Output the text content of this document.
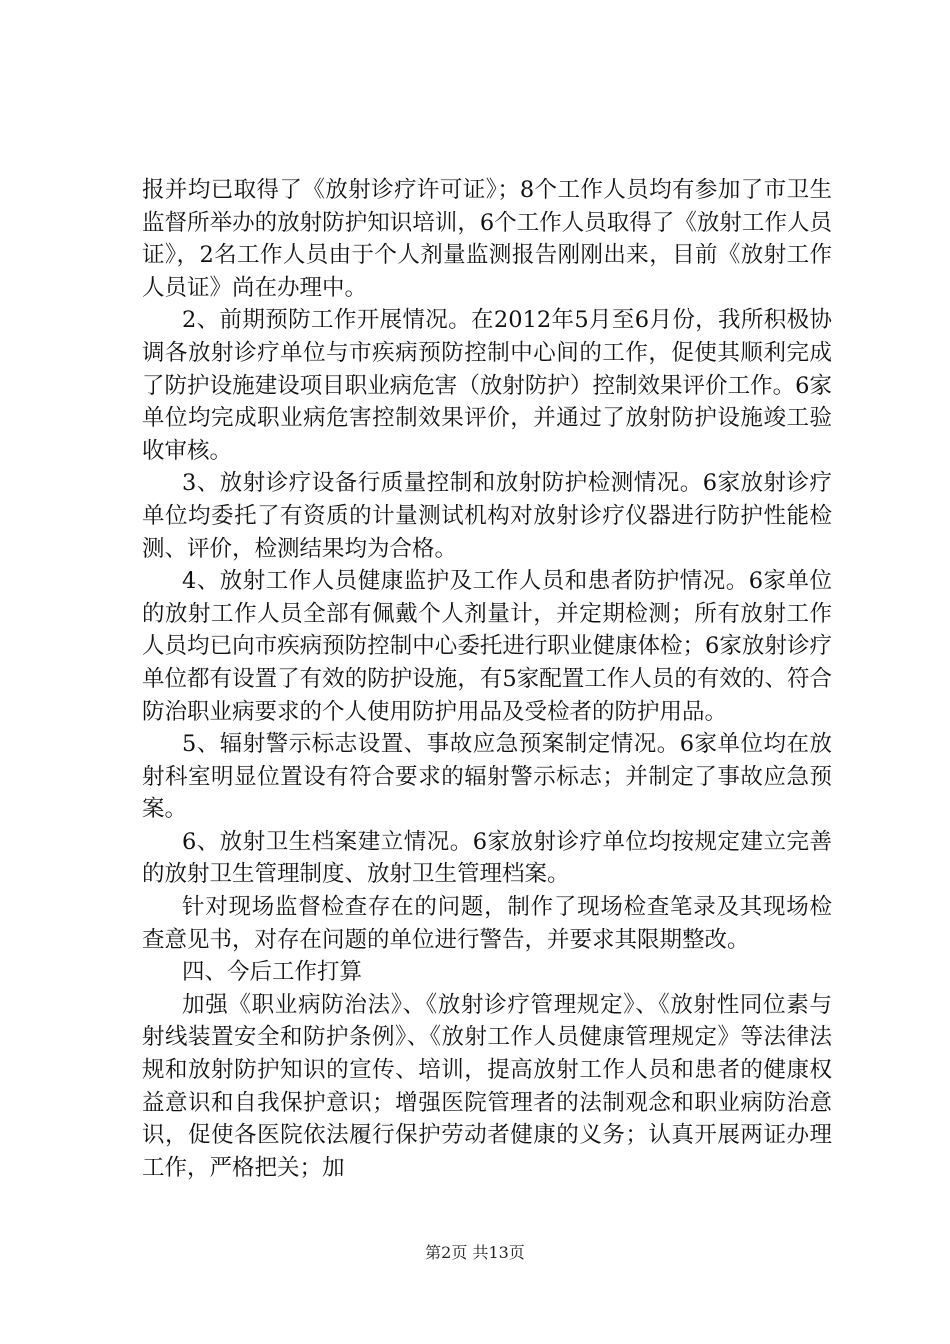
报并均已取得了《放射诊疗许可证》；8个工作人员均有参加了市卫生监督所举办的放射防护知识培训，6个工作人员取得了《放射工作人员证》，2名工作人员由于个人剂量监测报告刚刚出来，目前《放射工作人员证》尚在办理中。

2、前期预防工作开展情况。在2012年5月至6月份，我所积极协调各放射诊疗单位与市疾病预防控制中心间的工作，促使其顺利完成了防护设施建设项目职业病危害（放射防护）控制效果评价工作。6家单位均完成职业病危害控制效果评价，并通过了放射防护设施竣工验收审核。

3、放射诊疗设备行质量控制和放射防护检测情况。6家放射诊疗单位均委托了有资质的计量测试机构对放射诊疗仪器进行防护性能检测、评价，检测结果均为合格。

4、放射工作人员健康监护及工作人员和患者防护情况。6家单位的放射工作人员全部有佩戴个人剂量计，并定期检测；所有放射工作人员均已向市疾病预防控制中心委托进行职业健康体检；6家放射诊疗单位都有设置了有效的防护设施，有5家配置工作人员的有效的、符合防治职业病要求的个人使用防护用品及受检者的防护用品。

5、辐射警示标志设置、事故应急预案制定情况。6家单位均在放射科室明显位置设有符合要求的辐射警示标志；并制定了事故应急预案。

6、放射卫生档案建立情况。6家放射诊疗单位均按规定建立完善的放射卫生管理制度、放射卫生管理档案。

针对现场监督检查存在的问题，制作了现场检查笔录及其现场检查意见书，对存在问题的单位进行警告，并要求其限期整改。

四、今后工作打算

加强《职业病防治法》、《放射诊疗管理规定》、《放射性同位素与射线装置安全和防护条例》、《放射工作人员健康管理规定》等法律法规和放射防护知识的宣传、培训，提高放射工作人员和患者的健康权益意识和自我保护意识；增强医院管理者的法制观念和职业病防治意识，促使各医院依法履行保护劳动者健康的义务；认真开展两证办理工作，严格把关；加

第2页 共13页
